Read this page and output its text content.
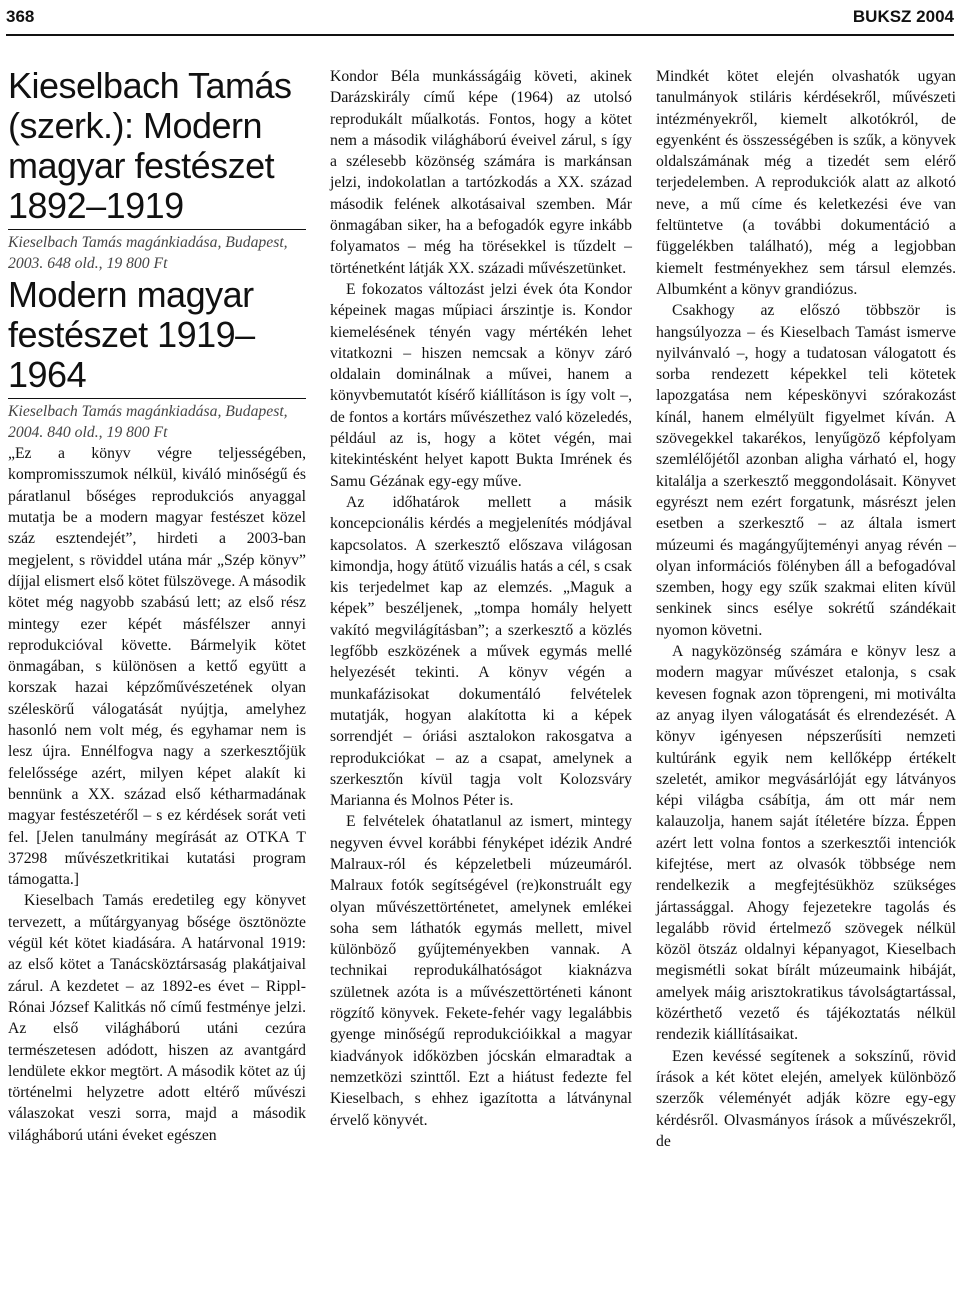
368	BUKSZ 2004
Kieselbach Tamás (szerk.): Modern magyar festészet 1892–1919

Kieselbach Tamás magánkiadása, Budapest, 2003. 648 old., 19 800 Ft

Modern magyar festészet 1919–1964

Kieselbach Tamás magánkiadása, Budapest, 2004. 840 old., 19 800 Ft

„Ez a könyv végre teljességében, kompromisszumok nélkül, kiváló minőségű és páratlanul bőséges reprodukciós anyaggal mutatja be a modern magyar festészet közel száz esztendejét”, hirdeti a 2003-ban megjelent, s röviddel utána már „Szép könyv” díjjal elismert első kötet fülszövege. A második kötet még nagyobb szabású lett; az első rész mintegy ezer képét másfélszer annyi reprodukcióval követte. Bármelyik kötet önmagában, s különösen a kettő együtt a korszak hazai képzőművészetének olyan széleskörű válogatását nyújtja, amelyhez hasonló nem volt még, és egyhamar nem is lesz újra. Ennélfogva nagy a szerkesztőjük felelőssége azért, milyen képet alakít ki bennünk a XX. század első kétharmadának magyar festészetéről – s ez kérdések sorát veti fel. [Jelen tanulmány megírását az OTKA T 37298 művészetkritikai kutatási program támogatta.]

Kieselbach Tamás eredetileg egy könyvet tervezett, a műtárgyanyag bősége ösztönözte végül két kötet kiadására. A határvonal 1919: az első kötet a Tanácsköztársaság plakátjaival zárul. A kezdetet – az 1892-es évet – Rippl-Rónai József Kalitkás nő című festménye jelzi. Az első világháború utáni cezúra természetesen adódott, hiszen az avantgárd lendülete ekkor megtört. A második kötet az új történelmi helyzetre adott eltérő művészi válaszokat veszi sorra, majd a második világháború utáni éveket egészen

Kondor Béla munkásságáig követi, akinek Darázskirály című képe (1964) az utolsó reprodukált műalkotás. Fontos, hogy a kötet nem a második világháború éveivel zárul, s így a szélesebb közönség számára is markánsan jelzi, indokolatlan a tartózkodás a XX. század második felének alkotásaival szemben. Már önmagában siker, ha a befogadók egyre inkább folyamatos – még ha törésekkel is tűzdelt – történetként látják XX. századi művészetünket.

E fokozatos változást jelzi évek óta Kondor képeinek magas műpiaci árszintje is. Kondor kiemelésének tényén vagy mértékén lehet vitatkozni – hiszen nemcsak a könyv záró oldalain dominálnak a művei, hanem a könyvbemutatót kísérő kiállításon is így volt –, de fontos a kortárs művészethez való közeledés, például az is, hogy a kötet végén, mai kitekintésként helyet kapott Bukta Imrének és Samu Gézának egy-egy műve.

Az időhatárok mellett a másik koncepcionális kérdés a megjelenítés módjával kapcsolatos. A szerkesztő előszava világosan kimondja, hogy átütő vizuális hatás a cél, s csak kis terjedelmet kap az elemzés. „Maguk a képek” beszéljenek, „tompa homály helyett vakító megvilágításban”; a szerkesztő a közlés legfőbb eszközének a művek egymás mellé helyezését tekinti. A könyv végén a munkafázisokat dokumentáló felvételek mutatják, hogyan alakította ki a képek sorrendjét – óriási asztalokon rakosgatva a reprodukciókat – az a csapat, amelynek a szerkesztőn kívül tagja volt Kolozsváry Marianna és Molnos Péter is.

E felvételek óhatatlanul az ismert, mintegy negyven évvel korábbi fényképet idézik André Malraux-ról és képzeletbeli múzeumáról. Malraux fotók segítségével (re)konstruált egy olyan művészettörténetet, amelynek emlékei soha sem láthatók egymás mellett, mivel különböző gyűjteményekben vannak. A technikai reprodukálhatóságot kiaknázva születnek azóta is a művészettörténeti kánont rögzítő könyvek. Fekete-fehér vagy legalábbis gyenge minőségű reprodukcióikkal a magyar kiadványok időközben jócskán elmaradtak a nemzetközi szinttől. Ezt a hiátust fedezte fel Kieselbach, s ehhez igazította a látványnal érvelő könyvét.

Mindkét kötet elején olvashatók ugyan tanulmányok stiláris kérdésekről, művészeti intézményekről, kiemelt alkotókról, de egyenként és összességében is szűk, a könyvek oldalszámának még a tizedét sem elérő terjedelemben. A reprodukciók alatt az alkotó neve, a mű címe és keletkezési éve van feltüntetve (a további dokumentáció a függelékben található), még a legjobban kiemelt festményekhez sem társul elemzés. Albumként a könyv grandiózus.

Csakhogy az előszó többször is hangsúlyozza – és Kieselbach Tamást ismerve nyilvánvaló –, hogy a tudatosan válogatott és sorba rendezett képekkel teli kötetek lapozgatása nem képeskönyvi szórakozást kínál, hanem elmélyült figyelmet kíván. A szövegekkel takarékos, lenyűgöző képfolyam szemlélőjétől azonban aligha várható el, hogy kitalálja a szerkesztő meggondolásait. Könyvet egyrészt nem ezért forgatunk, másrészt jelen esetben a szerkesztő – az általa ismert múzeumi és magángyűjteményi anyag révén – olyan információs fölényben áll a befogadóval szemben, hogy egy szűk szakmai eliten kívül senkinek sincs esélye sokrétű szándékait nyomon követni.

A nagyközönség számára e könyv lesz a modern magyar művészet etalonja, s csak kevesen fognak azon töprengeni, mi motiválta az anyag ilyen válogatását és elrendezését. A könyv igényesen népszerűsíti nemzeti kultúránk egyik nem kellőképp értékelt szeletét, amikor megvásárlóját egy látványos képi világba csábítja, ám ott már nem kalauzolja, hanem saját ítéletére bízza. Éppen azért lett volna fontos a szerkesztői intenciók kifejtése, mert az olvasók többsége nem rendelkezik a megfejtésükhöz szükséges jártassággal. Ahogy fejezetekre tagolás és legalább rövid értelmező szövegek nélkül közöl ötszáz oldalnyi képanyagot, Kieselbach megismétli sokat bírált múzeumaink hibáját, amelyek máig arisztokratikus távolságtartással, közérthető vezető és tájékoztatás nélkül rendezik kiállításaikat.

Ezen kevéssé segítenek a sokszínű, rövid írások a két kötet elején, amelyek különböző szerzők véleményét adják közre egy-egy kérdésről. Olvasmányos írások a művészekről, de
